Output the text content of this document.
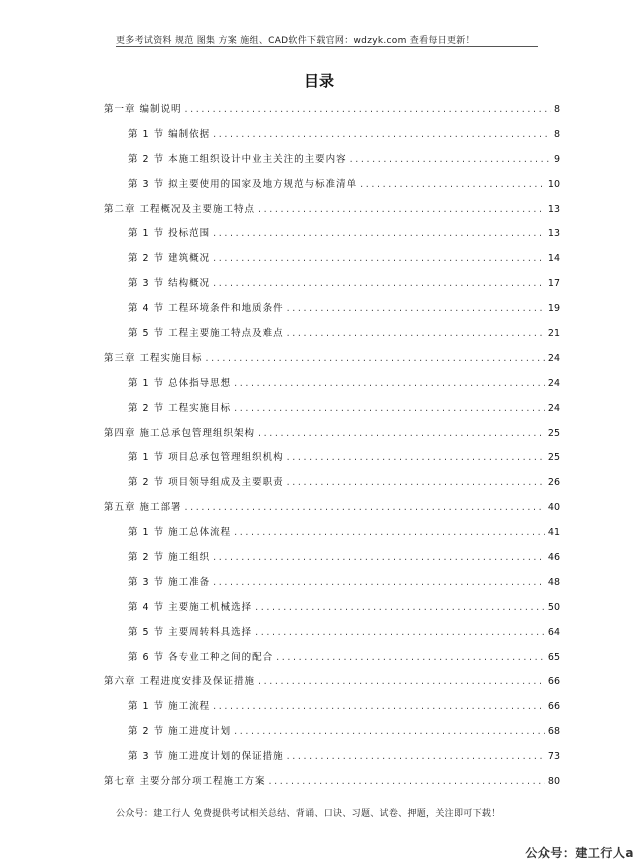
更多考试资料 规范 图集 方案 施组、CAD软件下载官网：wdzyk.com 查看每日更新！
目录
第一章 编制说明 .....	8
第 1 节 编制依据 .....	8
第 2 节 本施工组织设计中业主关注的主要内容 .....	9
第 3 节 拟主要使用的国家及地方规范与标准清单 .....	10
第二章 工程概况及主要施工特点 .....	13
第 1 节 投标范围 .....	13
第 2 节 建筑概况 .....	14
第 3 节 结构概况 .....	17
第 4 节 工程环境条件和地质条件 .....	19
第 5 节 工程主要施工特点及难点 .....	21
第三章 工程实施目标 .....	24
第 1 节 总体指导思想 .....	24
第 2 节 工程实施目标 .....	24
第四章 施工总承包管理组织架构 .....	25
第 1 节 项目总承包管理组织机构 .....	25
第 2 节 项目领导组成及主要职责 .....	26
第五章 施工部署 .....	40
第 1 节 施工总体流程 .....	41
第 2 节 施工组织 .....	46
第 3 节 施工准备 .....	48
第 4 节 主要施工机械选择 .....	50
第 5 节 主要周转料具选择 .....	64
第 6 节 各专业工种之间的配合 .....	65
第六章 工程进度安排及保证措施 .....	66
第 1 节 施工流程 .....	66
第 2 节 施工进度计划 .....	68
第 3 节 施工进度计划的保证措施 .....	73
第七章 主要分部分项工程施工方案 .....	80
公众号：建工行人 免费提供考试相关总结、背诵、口诀、习题、试卷、押题，关注即可下载！
公众号：建工行人a
